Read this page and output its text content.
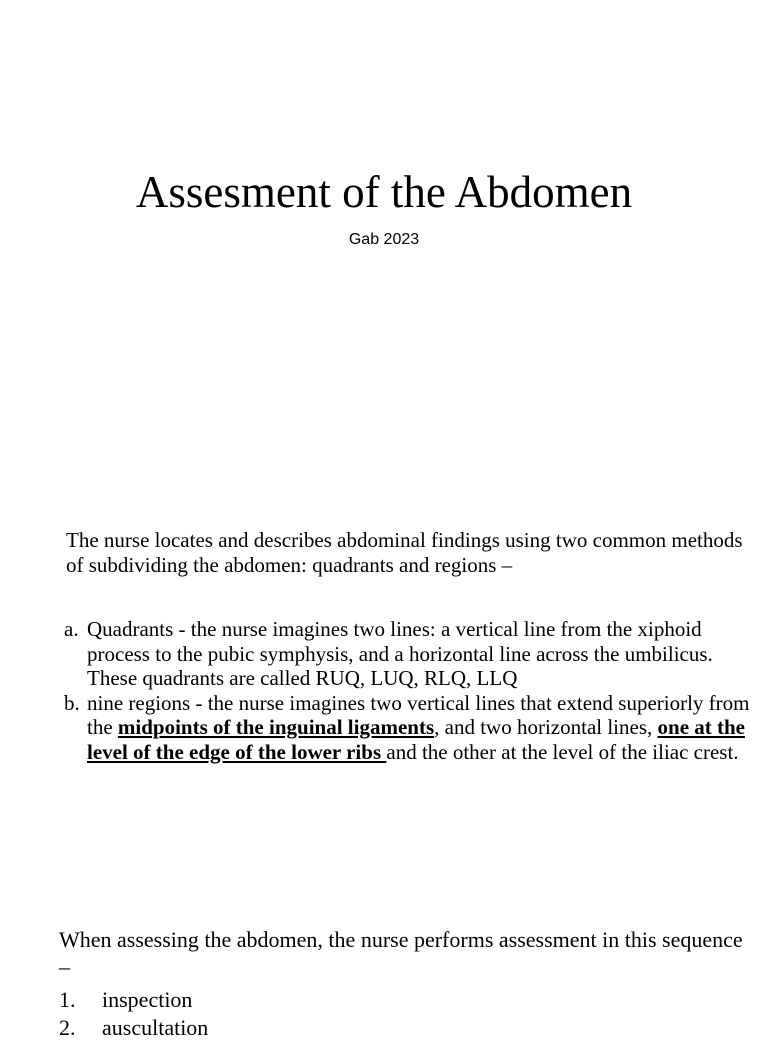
Assesment of the Abdomen
Gab 2023

The nurse locates and describes abdominal findings using two common methods of subdividing the abdomen: quadrants and regions –

a. Quadrants - the nurse imagines two lines: a vertical line from the xiphoid process to the pubic symphysis, and a horizontal line across the umbilicus. These quadrants are called RUQ, LUQ, RLQ, LLQ
b. nine regions - the nurse imagines two vertical lines that extend superiorly from the midpoints of the inguinal ligaments, and two horizontal lines, one at the level of the edge of the lower ribs and the other at the level of the iliac crest.

When assessing the abdomen, the nurse performs assessment in this sequence –

1. inspection
2. auscultation
